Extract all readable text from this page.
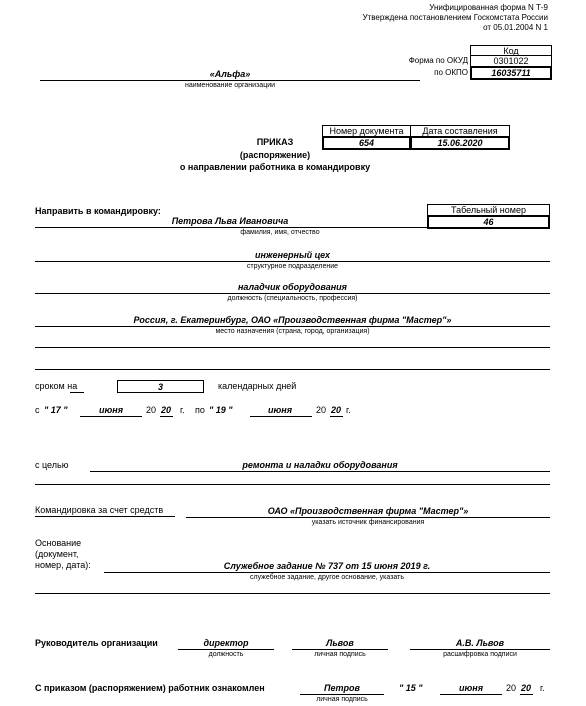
Унифицированная форма N Т-9
Утверждена постановлением Госкомстата России
от 05.01.2004 N 1
Код
Форма по ОКУД	0301022
по ОКПО	16035711
«Альфа»
наименование организации
Номер документа Дата составления
654	15.06.2020
ПРИКАЗ
(распоряжение)
о направлении работника в командировку
Направить в командировку:	Табельный номер
46
Петрова Льва Ивановича
фамилия, имя, отчество
инженерный цех
структурное подразделение
наладчик оборудования
должность (специальность, профессия)
Россия, г. Екатеринбург, ОАО «Производственная фирма "Мастер"»
место назначения (страна, город, организация)
сроком на	3	календарных дней
с " 17 "	июня	20 20 г. по " 19 "	июня	20 20 г.
с целью	ремонта и наладки оборудования
Командировка за счет средств	ОАО «Производственная фирма "Мастер"»
указать источник финансирования
Основание
(документ,
номер, дата):	Служебное задание № 737 от 15 июня 2019 г.
служебное задание, другое основание, указать
Руководитель организации	директор
должность
Львов
личная подпись
А.В. Львов
расшифровка подписи
С приказом (распоряжением) работник ознакомлен	Петров
личная подпись
" 15 "	июня	20 20 г.
